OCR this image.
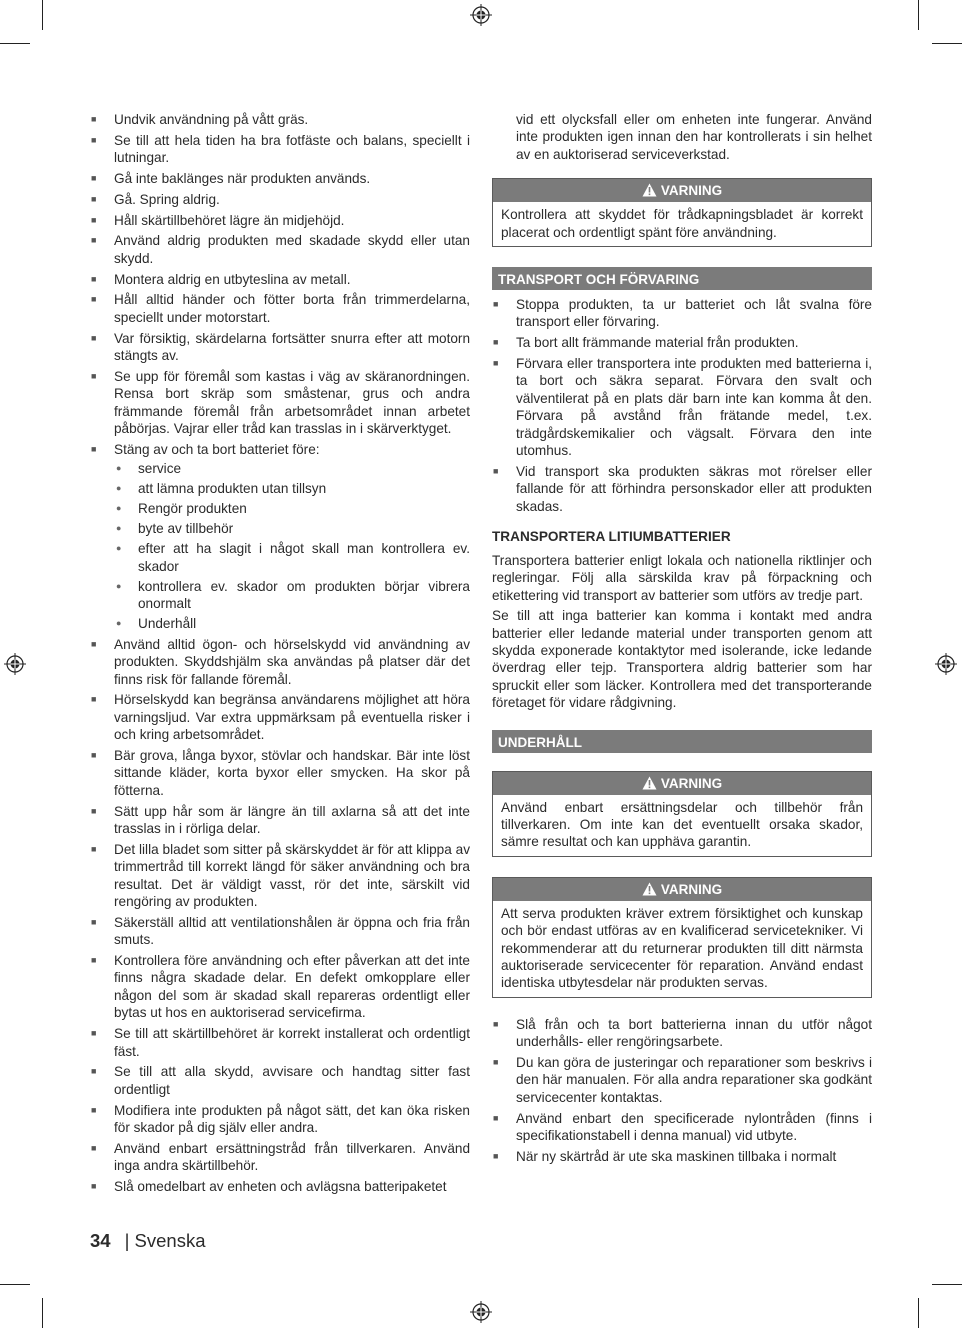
■ Undvik användning på vått gräs.
■ Se till att hela tiden ha bra fotfäste och balans, speciellt i lutningar.
■ Gå inte baklänges när produkten används.
■ Gå. Spring aldrig.
■ Håll skärtillbehöret lägre än midjehöjd.
■ Använd aldrig produkten med skadade skydd eller utan skydd.
■ Montera aldrig en utbyteslina av metall.
■ Håll alltid händer och fötter borta från trimmerdelarna, speciellt under motorstart.
■ Var försiktig, skärdelarna fortsätter snurra efter att motorn stängts av.
■ Se upp för föremål som kastas i väg av skäranordningen. Rensa bort skräp som småstenar, grus och andra främmande föremål från arbetsområdet innan arbetet påbörjas. Vajrar eller tråd kan trasslas in i skärverktyget.
■ Stäng av och ta bort batteriet före:
● service
● att lämna produkten utan tillsyn
● Rengör produkten
● byte av tillbehör
● efter att ha slagit i något skall man kontrollera ev. skador
● kontrollera ev. skador om produkten börjar vibrera onormalt
● Underhåll
■ Använd alltid ögon- och hörselskydd vid användning av produkten. Skyddshjälm ska användas på platser där det finns risk för fallande föremål.
■ Hörselskydd kan begränsa användarens möjlighet att höra varningsljud. Var extra uppmärksam på eventuella risker i och kring arbetsområdet.
■ Bär grova, långa byxor, stövlar och handskar. Bär inte löst sittande kläder, korta byxor eller smycken. Ha skor på fötterna.
■ Sätt upp hår som är längre än till axlarna så att det inte trasslas in i rörliga delar.
■ Det lilla bladet som sitter på skärskyddet är för att klippa av trimmertråd till korrekt längd för säker användning och bra resultat. Det är väldigt vasst, rör det inte, särskilt vid rengöring av produkten.
■ Säkerställ alltid att ventilationshålen är öppna och fria från smuts.
■ Kontrollera före användning och efter påverkan att det inte finns några skadade delar. En defekt omkopplare eller någon del som är skadad skall repareras ordentligt eller bytas ut hos en auktoriserad servicefirma.
■ Se till att skärtillbehöret är korrekt installerat och ordentligt fäst.
■ Se till att alla skydd, avvisare och handtag sitter fast ordentligt
■ Modifiera inte produkten på något sätt, det kan öka risken för skador på dig själv eller andra.
■ Använd enbart ersättningstråd från tillverkaren. Använd inga andra skärtillbehör.
■ Slå omedelbart av enheten och avlägsna batteripaketet

vid ett olycksfall eller om enheten inte fungerar. Använd inte produkten igen innan den har kontrollerats i sin helhet av en auktoriserad serviceverkstad.

VARNING
Kontrollera att skyddet för trådkapningsbladet är korrekt placerat och ordentligt spänt före användning.
TRANSPORT OCH FÖRVARING
■ Stoppa produkten, ta ur batteriet och låt svalna före transport eller förvaring.
■ Ta bort allt främmande material från produkten.
■ Förvara eller transportera inte produkten med batterierna i, ta bort och säkra separat. Förvara den svalt och välventilerat på en plats där barn inte kan komma åt den. Förvara på avstånd från frätande medel, t.ex. trädgårdskemikalier och vägsalt. Förvara den inte utomhus.
■ Vid transport ska produkten säkras mot rörelser eller fallande för att förhindra personskador eller att produkten skadas.
TRANSPORTERA LITIUMBATTERIER

Transportera batterier enligt lokala och nationella riktlinjer och regleringar. Följ alla särskilda krav på förpackning och etikettering vid transport av batterier som utförs av tredje part.

Se till att inga batterier kan komma i kontakt med andra batterier eller ledande material under transporten genom att skydda exponerade kontaktytor med isolerande, icke ledande överdrag eller tejp. Transportera aldrig batterier som har spruckit eller som läcker. Kontrollera med det transporterande företaget för vidare rådgivning.

UNDERHÅLL
VARNING
Använd enbart ersättningsdelar och tillbehör från tillverkaren. Om inte kan det eventuellt orsaka skador, sämre resultat och kan upphäva garantin.
VARNING
Att serva produkten kräver extrem försiktighet och kunskap och bör endast utföras av en kvalificerad servicetekniker. Vi rekommenderar att du returnerar produkten till ditt närmsta auktoriserade servicecenter för reparation. Använd endast identiska utbytesdelar när produkten servas.
■ Slå från och ta bort batterierna innan du utför något underhålls- eller rengöringsarbete.
■ Du kan göra de justeringar och reparationer som beskrivs i den här manualen. För alla andra reparationer ska godkänt servicecenter kontaktas.
■ Använd enbart den specificerade nylontråden (finns i specifikationstabell i denna manual) vid utbyte.
■ När ny skärtråd är ute ska maskinen tillbaka i normalt
34 | Svenska
